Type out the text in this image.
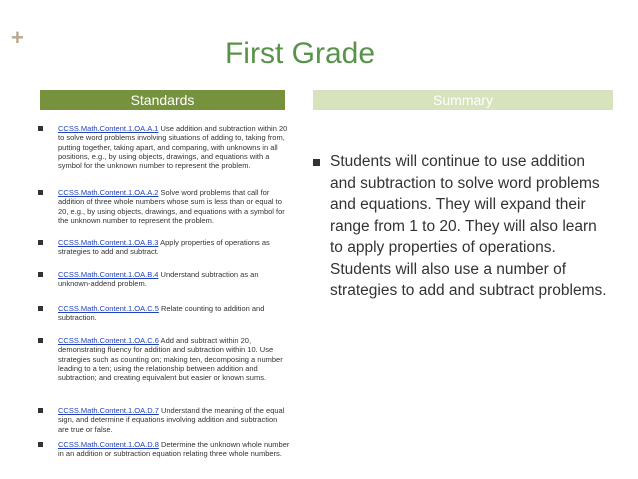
+	First Grade
Standards	Summary
CCSS.Math.Content.1.OA.A.1 Use addition and subtraction within 20 to solve word problems involving situations of adding to, taking from, putting together, taking apart, and comparing, with unknowns in all positions, e.g., by using objects, drawings, and equations with a symbol for the unknown number to represent the problem.
CCSS.Math.Content.1.OA.A.2 Solve word problems that call for addition of three whole numbers whose sum is less than or equal to 20, e.g., by using objects, drawings, and equations with a symbol for the unknown number to represent the problem.
CCSS.Math.Content.1.OA.B.3 Apply properties of operations as strategies to add and subtract.
CCSS.Math.Content.1.OA.B.4 Understand subtraction as an unknown-addend problem.
CCSS.Math.Content.1.OA.C.5 Relate counting to addition and subtraction.
CCSS.Math.Content.1.OA.C.6 Add and subtract within 20, demonstrating fluency for addition and subtraction within 10. Use strategies such as counting on; making ten, decomposing a number leading to a ten; using the relationship between addition and subtraction; and creating equivalent but easier or known sums.
CCSS.Math.Content.1.OA.D.7 Understand the meaning of the equal sign, and determine if equations involving addition and subtraction are true or false.
CCSS.Math.Content.1.OA.D.8 Determine the unknown whole number in an addition or subtraction equation relating three whole numbers.
Students will continue to use addition and subtraction to solve word problems and equations. They will expand their range from 1 to 20. They will also learn to apply properties of operations. Students will also use a number of strategies to add and subtract problems.
